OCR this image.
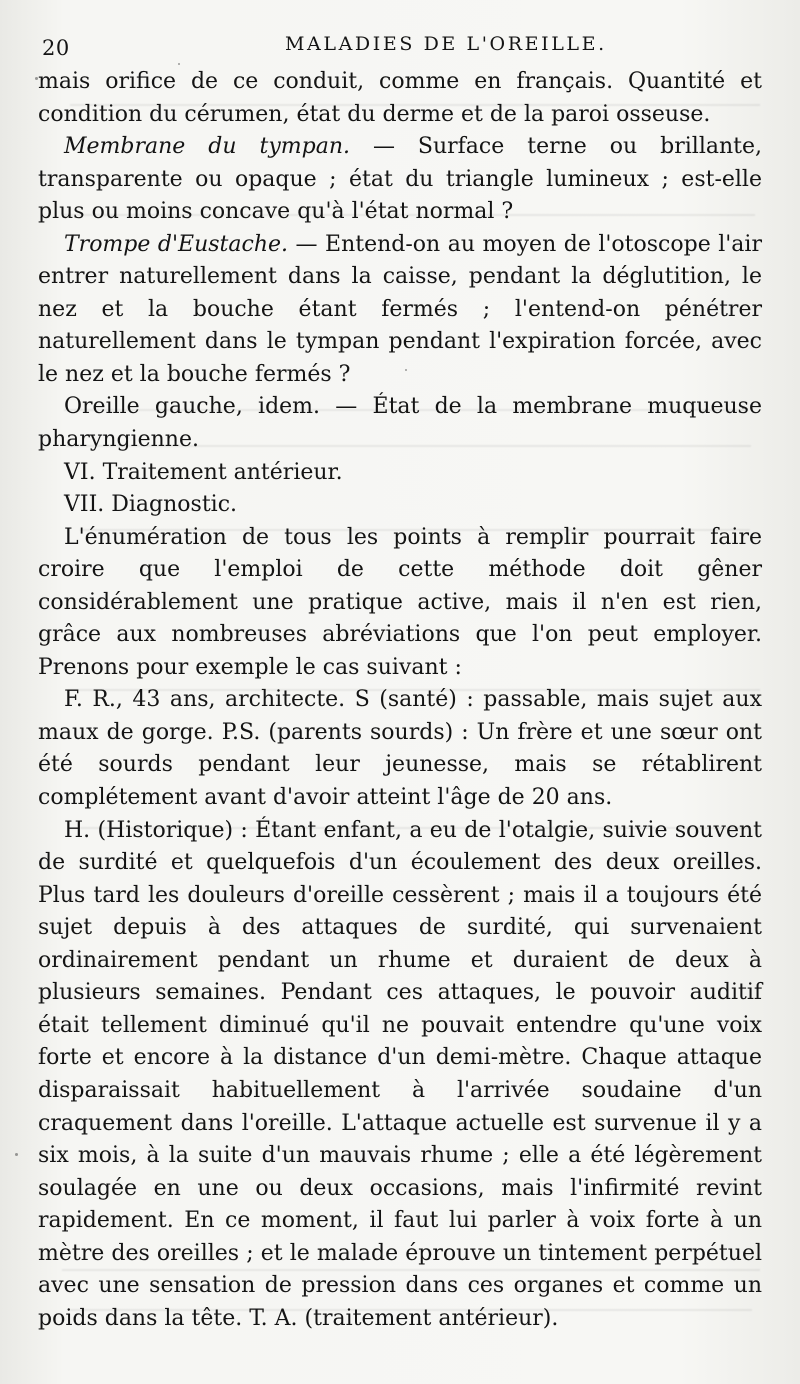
20	MALADIES DE L'OREILLE.

mais orifice de ce conduit, comme en français. Quantité et condition du cérumen, état du derme et de la paroi osseuse.

Membrane du tympan. — Surface terne ou brillante, transparente ou opaque ; état du triangle lumineux ; est-elle plus ou moins concave qu'à l'état normal ?

Trompe d'Eustache. — Entend-on au moyen de l'otoscope l'air entrer naturellement dans la caisse, pendant la déglutition, le nez et la bouche étant fermés ; l'entend-on pénétrer naturellement dans le tympan pendant l'expiration forcée, avec le nez et la bouche fermés ?

Oreille gauche, idem. — État de la membrane muqueuse pharyngienne.

VI. Traitement antérieur.

VII. Diagnostic.

L'énumération de tous les points à remplir pourrait faire croire que l'emploi de cette méthode doit gêner considérablement une pratique active, mais il n'en est rien, grâce aux nombreuses abréviations que l'on peut employer. Prenons pour exemple le cas suivant :

F. R., 43 ans, architecte. S (santé) : passable, mais sujet aux maux de gorge. P.S. (parents sourds) : Un frère et une sœur ont été sourds pendant leur jeunesse, mais se rétablirent complétement avant d'avoir atteint l'âge de 20 ans.

H. (Historique) : Étant enfant, a eu de l'otalgie, suivie souvent de surdité et quelquefois d'un écoulement des deux oreilles. Plus tard les douleurs d'oreille cessèrent ; mais il a toujours été sujet depuis à des attaques de surdité, qui survenaient ordinairement pendant un rhume et duraient de deux à plusieurs semaines. Pendant ces attaques, le pouvoir auditif était tellement diminué qu'il ne pouvait entendre qu'une voix forte et encore à la distance d'un demi-mètre. Chaque attaque disparaissait habituellement à l'arrivée soudaine d'un craquement dans l'oreille. L'attaque actuelle est survenue il y a six mois, à la suite d'un mauvais rhume ; elle a été légèrement soulagée en une ou deux occasions, mais l'infirmité revint rapidement. En ce moment, il faut lui parler à voix forte à un mètre des oreilles ; et le malade éprouve un tintement perpétuel avec une sensation de pression dans ces organes et comme un poids dans la tête. T. A. (traitement antérieur).
